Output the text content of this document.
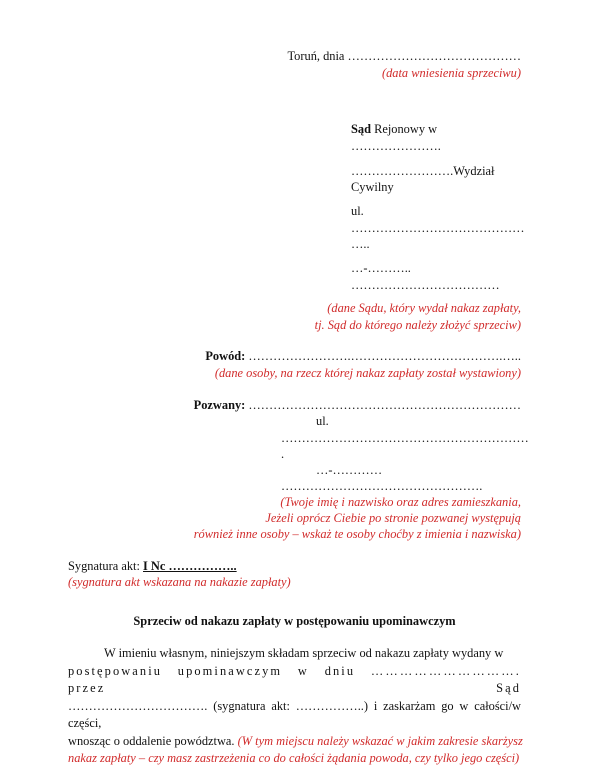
Toruń, dnia ……………………………………
(data wniesienia sprzeciwu)
Sąd Rejonowy w
………………….
…………………….Wydział
Cywilny
ul.
……………………………………
…..
…-………..
………………………………
(dane Sądu, który wydał nakaz zapłaty,
tj. Sąd do którego należy złożyć sprzeciw)
Powód: …………………….……………………………….…..
(dane osoby, na rzecz której nakaz zapłaty został wystawiony)
Pozwany: …………………………………………………………
ul.
……………………………………………………
.
…-…………
………………………………………….
(Twoje imię i nazwisko oraz adres zamieszkania,
Jeżeli oprócz Ciebie po stronie pozwanej występują
również inne osoby – wskaż te osoby choćby z imienia i nazwiska)
Sygnatura akt: I Nc ……………..
(sygnatura akt wskazana na nakazie zapłaty)
Sprzeciw od nakazu zapłaty w postępowaniu upominawczym

W imieniu własnym, niniejszym składam sprzeciw od nakazu zapłaty wydany w

postępowaniu upominawczym w dniu …………………………. przez Sąd

……………………………. (sygnatura akt: ……………..) i zaskarżam go w całości/w części,

wnosząc o oddalenie powództwa. (W tym miejscu należy wskazać w jakim zakresie skarżysz

nakaz zapłaty – czy masz zastrzeżenia co do całości żądania powoda, czy tylko jego części)
